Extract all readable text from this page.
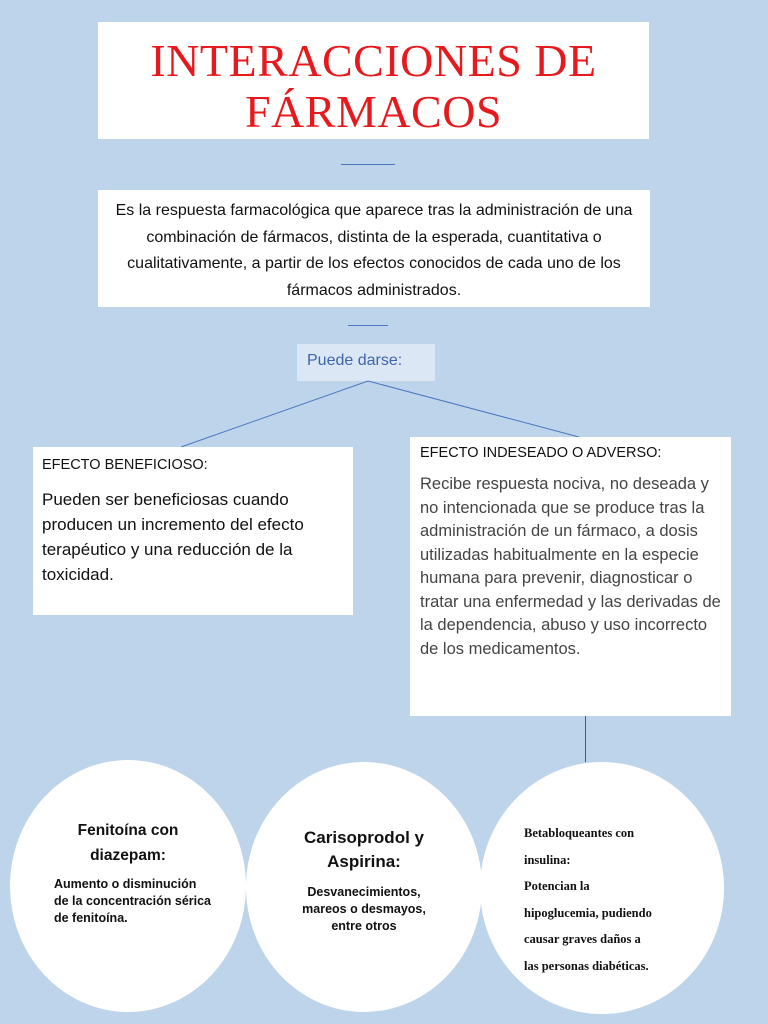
INTERACCIONES DE
FÁRMACOS

Es la respuesta farmacológica que aparece tras la administración de una combinación de fármacos, distinta de la esperada, cuantitativa o cualitativamente, a partir de los efectos conocidos de cada uno de los fármacos administrados.

Puede darse:

EFECTO BENEFICIOSO:

Pueden ser beneficiosas cuando producen un incremento del efecto terapéutico y una reducción de la toxicidad.

EFECTO INDESEADO O ADVERSO:

Recibe respuesta nociva, no deseada y no intencionada que se produce tras la administración de un fármaco, a dosis utilizadas habitualmente en la especie humana para prevenir, diagnosticar o tratar una enfermedad y las derivadas de la dependencia, abuso y uso incorrecto de los medicamentos.

Fenitoína con diazepam:
Aumento o disminución de la concentración sérica de fenitoína.
Carisoprodol y Aspirina:
Desvanecimientos, mareos o desmayos, entre otros

Betabloqueantes con
insulina:
Potencian la
hipoglucemia, pudiendo
causar graves daños a
las personas diabéticas.
